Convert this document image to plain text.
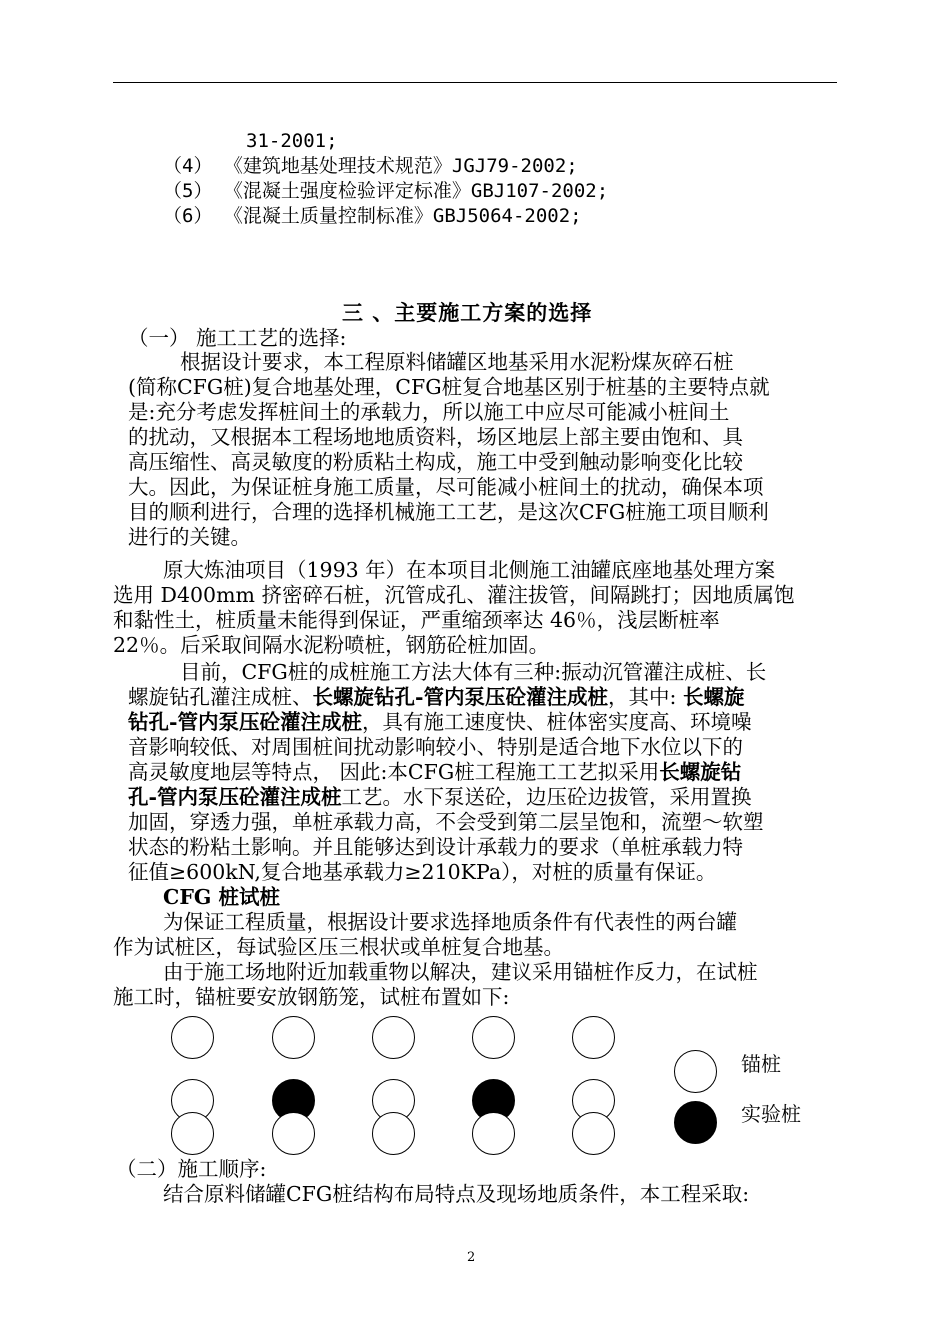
31-2001;
（4） 《建筑地基处理技术规范》JGJ79-2002;
（5） 《混凝土强度检验评定标准》GBJ107-2002;
（6） 《混凝土质量控制标准》GBJ5064-2002;
三 、主要施工方案的选择
（一） 施工工艺的选择:
根据设计要求，本工程原料储罐区地基采用水泥粉煤灰碎石桩
(简称CFG桩)复合地基处理，CFG桩复合地基区别于桩基的主要特点就
是:充分考虑发挥桩间土的承载力，所以施工中应尽可能减小桩间土
的扰动，又根据本工程场地地质资料，场区地层上部主要由饱和、具
高压缩性、高灵敏度的粉质粘土构成，施工中受到触动影响变化比较
大。因此，为保证桩身施工质量，尽可能减小桩间土的扰动，确保本项
目的顺利进行，合理的选择机械施工工艺，是这次CFG桩施工项目顺利
进行的关键。
原大炼油项目（1993 年）在本项目北侧施工油罐底座地基处理方案
选用 D400mm 挤密碎石桩，沉管成孔、灌注拔管，间隔跳打；因地质属饱
和黏性土，桩质量未能得到保证，严重缩颈率达 46％，浅层断桩率
22％。后采取间隔水泥粉喷桩，钢筋砼桩加固。
目前，CFG桩的成桩施工方法大体有三种:振动沉管灌注成桩、长
螺旋钻孔灌注成桩、长螺旋钻孔-管内泵压砼灌注成桩，其中: 长螺旋
钻孔-管内泵压砼灌注成桩，具有施工速度快、桩体密实度高、环境噪
音影响较低、对周围桩间扰动影响较小、特别是适合地下水位以下的
高灵敏度地层等特点， 因此:本CFG桩工程施工工艺拟采用长螺旋钻
孔-管内泵压砼灌注成桩工艺。水下泵送砼，边压砼边拔管，采用置换
加固，穿透力强，单桩承载力高，不会受到第二层呈饱和，流塑～软塑
状态的粉粘土影响。并且能够达到设计承载力的要求（单桩承载力特
征值≥600kN,复合地基承载力≥210KPa），对桩的质量有保证。
CFG 桩试桩
为保证工程质量，根据设计要求选择地质条件有代表性的两台罐
作为试桩区，每试验区压三根状或单桩复合地基。
由于施工场地附近加载重物以解决，建议采用锚桩作反力，在试桩
施工时，锚桩要安放钢筋笼，试桩布置如下:
锚桩
实验桩
（二）施工顺序:
结合原料储罐CFG桩结构布局特点及现场地质条件，本工程采取:
2
